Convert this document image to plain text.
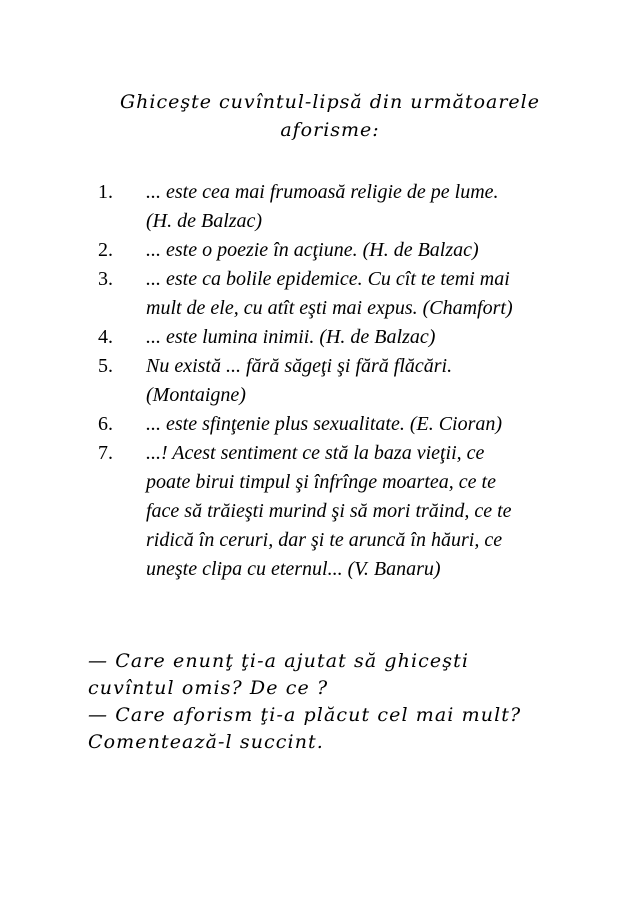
Ghiceşte cuvîntul-lipsă din următoarele
aforisme:
1. ... este cea mai frumoasă religie de pe lume.
(H. de Balzac)
2. ... este o poezie în acţiune. (H. de Balzac)
3. ... este ca bolile epidemice. Cu cît te temi mai
mult de ele, cu atît eşti mai expus. (Chamfort)
4. ... este lumina inimii. (H. de Balzac)
5. Nu există ... fără săgeţi şi fără flăcări.
(Montaigne)
6. ... este sfinţenie plus sexualitate. (E. Cioran)
7. ...! Acest sentiment ce stă la baza vieţii, ce
poate birui timpul şi înfrînge moartea, ce te
face să trăieşti murind şi să mori trăind, ce te
ridică în ceruri, dar şi te aruncă în hăuri, ce
uneşte clipa cu eternul... (V. Banaru)
— Care enunţ ţi-a ajutat să ghiceşti
cuvîntul omis? De ce ?
— Care aforism ţi-a plăcut cel mai mult?
Comentează-l succint.
